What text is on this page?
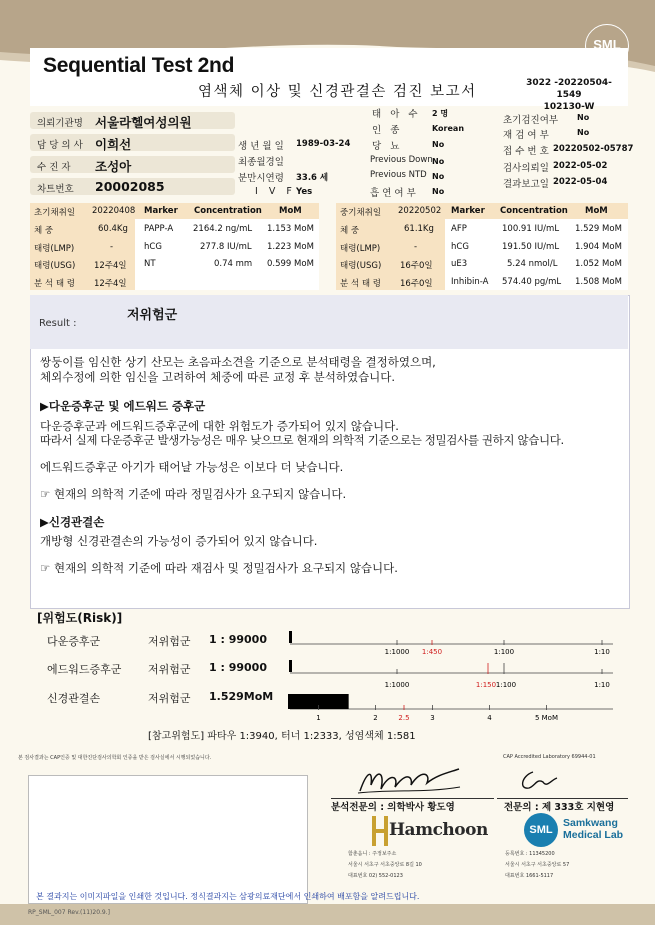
SML
Sequential Test 2nd
염색체 이상 및 신경관결손 검진 보고서
3022 -20220504-1549
102130-W
의뢰기관명 서울라헬여성의원
담 당 의 사 이희선
수 진 자 조성아
차트번호 20002085
생 년 월 일 1989-03-24
최종월경일
분만시연령 33.6 세
I V F Yes
태 아 수 2 명
인 종	Korean
당 뇨	No
Previous Down No
Previous NTD No
흡 연 여 부 No
초기검진여부 No
재 검 여 부	No
접 수 번 호 20220502-05787
검사의뢰일 2022-05-02
결과보고일 2022-05-04
초기채취일 20220408 Marker Concentration MoM
체 중	60.4Kg PAPP-A 2164.2 ng/mL 1.153 MoM
태령(LMP)	-	hCG	277.8 IU/mL 1.223 MoM
태령(USG) 12주4일 NT	0.74 mm 0.599 MoM
분 석 태 령 12주4일
중기채취일 20220502 Marker Concentration MoM
체 중	61.1Kg AFP	100.91 IU/mL 1.529 MoM
태령(LMP)	-	hCG	191.50 IU/mL 1.904 MoM
태령(USG) 16주0일 uE3	5.24 nmol/L 1.052 MoM
분 석 태 령 16주0일 Inhibin-A 574.40 pg/mL 1.508 MoM
Result :
저위험군
쌍둥이를 임신한 상기 산모는 초음파소견을 기준으로 분석태령을 결정하였으며,
체외수정에 의한 임신을 고려하여 체중에 따른 교정 후 분석하였습니다.
▶다운증후군 및 에드워드 증후군
다운증후군과 에드워드증후군에 대한 위험도가 증가되어 있지 않습니다.
따라서 실제 다운증후군 발생가능성은 매우 낮으므로 현재의 의학적 기준으로는 정밀검사를 권하지 않습니다.
에드워드증후군 아기가 태어날 가능성은 이보다 더 낮습니다.
☞ 현재의 의학적 기준에 따라 정밀검사가 요구되지 않습니다.
▶신경관결손
개방형 신경관결손의 가능성이 증가되어 있지 않습니다.
☞ 현재의 의학적 기준에 따라 재검사 및 정밀검사가 요구되지 않습니다.
[위험도(Risk)]
다운증후군	저위험군 1 : 99000
에드워드증후군 저위험군 1 : 99000
신경관결손	저위험군 1.529MoM
1:1000 1:450	1:100	1:10
1:1000	1:150 1:100	1:10
1	2	2.5	3	4	5 MoM
[참고위험도] 파타우 1:3940, 터너 1:2333, 성염색체 1:581
본 검사결과는 CAP인증 및 대한진단검사의학회 인증을 받은 검사실에서 시행되었습니다.	CAP Accredited Laboratory 69944-01
분석전문의 : 의학박사 황도영	전문의 : 제 333호 지현영
Hamchoon
함춘옴니 : 주정보주소
서울시 서초구 서초중앙로 8길 10
대표번호 02) 552-0123
SML
Samkwang
Medical Lab
등록번호 : 11345200
서울시 서초구 서초중앙로 57
대표번호 1661-5117
본 결과지는 이미지파일을 인쇄한 것입니다. 정식결과지는 삼광의료재단에서 인쇄하여 배포함을 알려드립니다.
RP_SML_007 Rev.(11)20.9.]
